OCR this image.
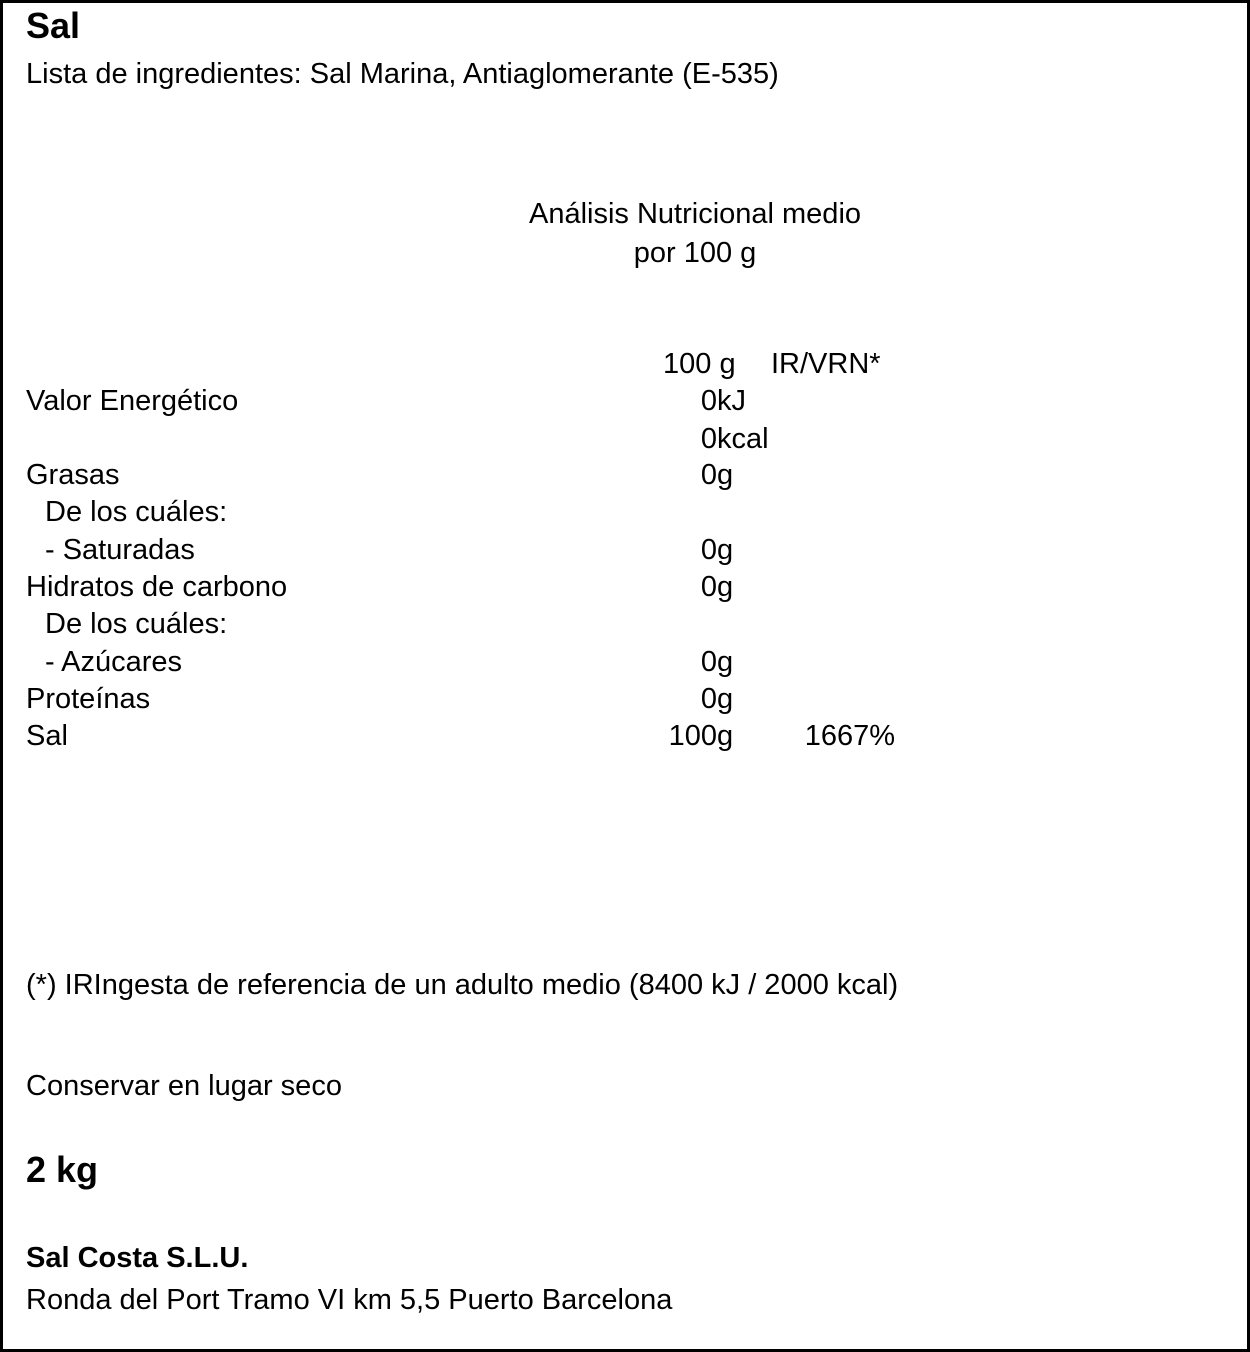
Sal
Lista de ingredientes: Sal Marina, Antiaglomerante (E-535)
Análisis Nutricional medio
por 100 g
100 g IR/VRN*
Valor Energético	0 kJ
0 kcal
Grasas	0 g
De los cuáles:
- Saturadas	0 g
Hidratos de carbono	0 g
De los cuáles:
- Azúcares	0 g
Proteínas	0 g
Sal	100 g	1667%
(*) IRIngesta de referencia de un adulto medio (8400 kJ / 2000 kcal)
Conservar en lugar seco
2 kg
Sal Costa S.L.U.
Ronda del Port Tramo VI km 5,5 Puerto Barcelona
